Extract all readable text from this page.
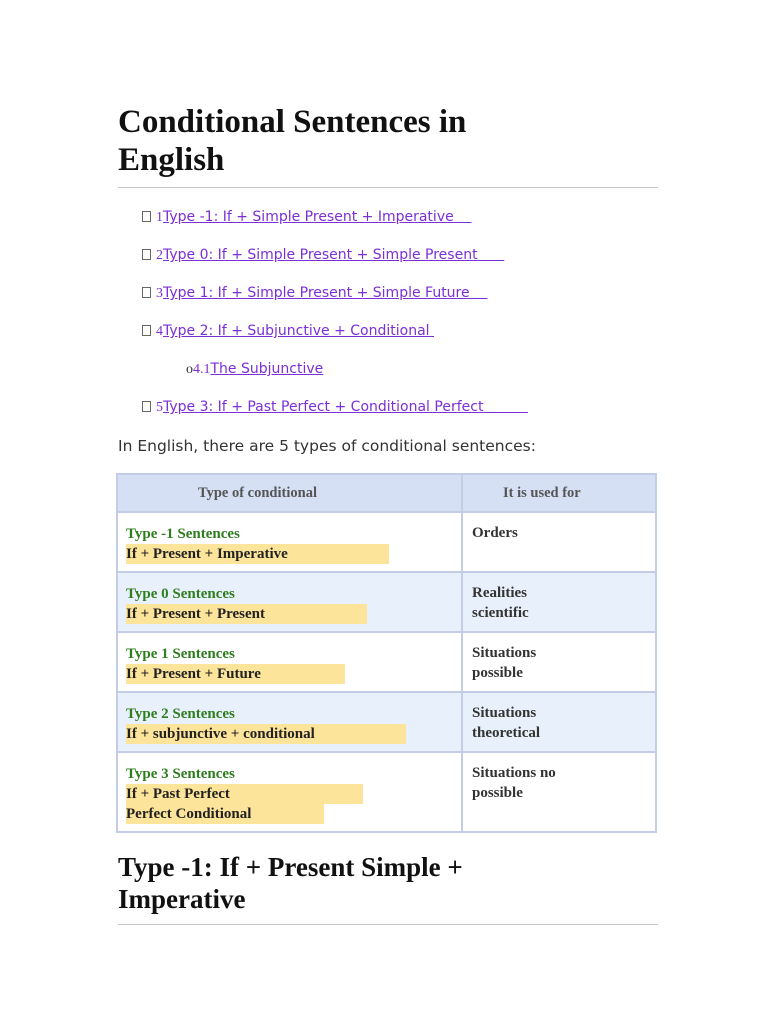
Conditional Sentences in English
1 Type -1: If + Simple Present + Imperative
2 Type 0: If + Simple Present + Simple Present
3 Type 1: If + Simple Present + Simple Future
4 Type 2: If + Subjunctive + Conditional
o 4.1 The Subjunctive
5 Type 3: If + Past Perfect + Conditional Perfect
In English, there are 5 types of conditional sentences:
Type of conditional	It is used for

Type -1 Sentences
If + Present + Imperative	Orders

Type 0 Sentences
If + Present + Present	Realities
scientific

Type 1 Sentences
If + Present + Future	Situations
possible

Type 2 Sentences
If + subjunctive + conditional	Situations
theoretical

Type 3 Sentences
If + Past Perfect
Perfect Conditional	Situations no
possible
Type -1: If + Present Simple + Imperative
